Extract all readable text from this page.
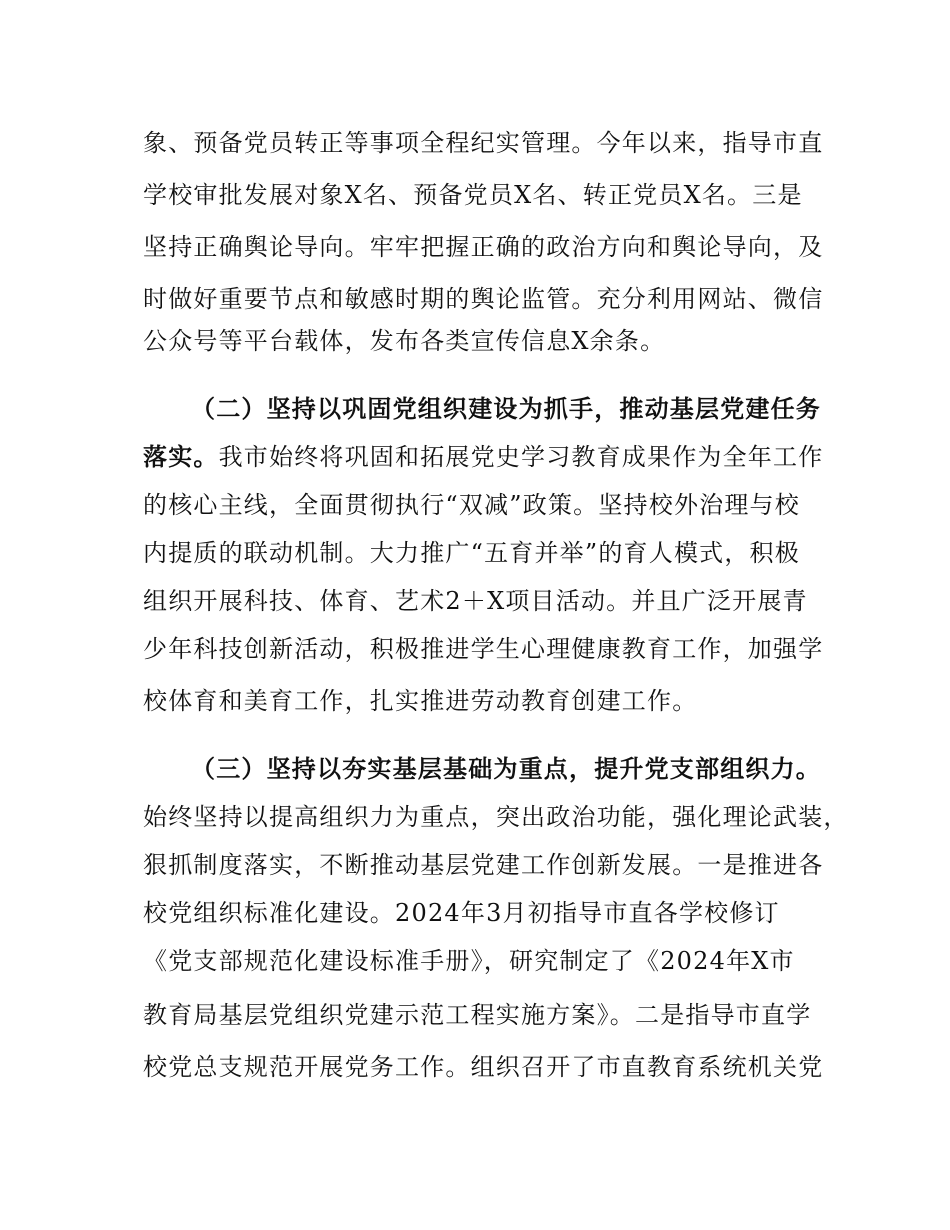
象、预备党员转正等事项全程纪实管理。今年以来，指导市直
学校审批发展对象X名、预备党员X名、转正党员X名。三是
坚持正确舆论导向。牢牢把握正确的政治方向和舆论导向，及
时做好重要节点和敏感时期的舆论监管。充分利用网站、微信
公众号等平台载体，发布各类宣传信息X余条。
（二）坚持以巩固党组织建设为抓手，推动基层党建任务
落实。我市始终将巩固和拓展党史学习教育成果作为全年工作
的核心主线，全面贯彻执行“双减”政策。坚持校外治理与校
内提质的联动机制。大力推广“五育并举”的育人模式，积极
组织开展科技、体育、艺术2＋X项目活动。并且广泛开展青
少年科技创新活动，积极推进学生心理健康教育工作，加强学
校体育和美育工作，扎实推进劳动教育创建工作。
（三）坚持以夯实基层基础为重点，提升党支部组织力。
始终坚持以提高组织力为重点，突出政治功能，强化理论武装，
狠抓制度落实，不断推动基层党建工作创新发展。一是推进各
校党组织标准化建设。2024年3月初指导市直各学校修订
《党支部规范化建设标准手册》，研究制定了《2024年X市
教育局基层党组织党建示范工程实施方案》。二是指导市直学
校党总支规范开展党务工作。组织召开了市直教育系统机关党
